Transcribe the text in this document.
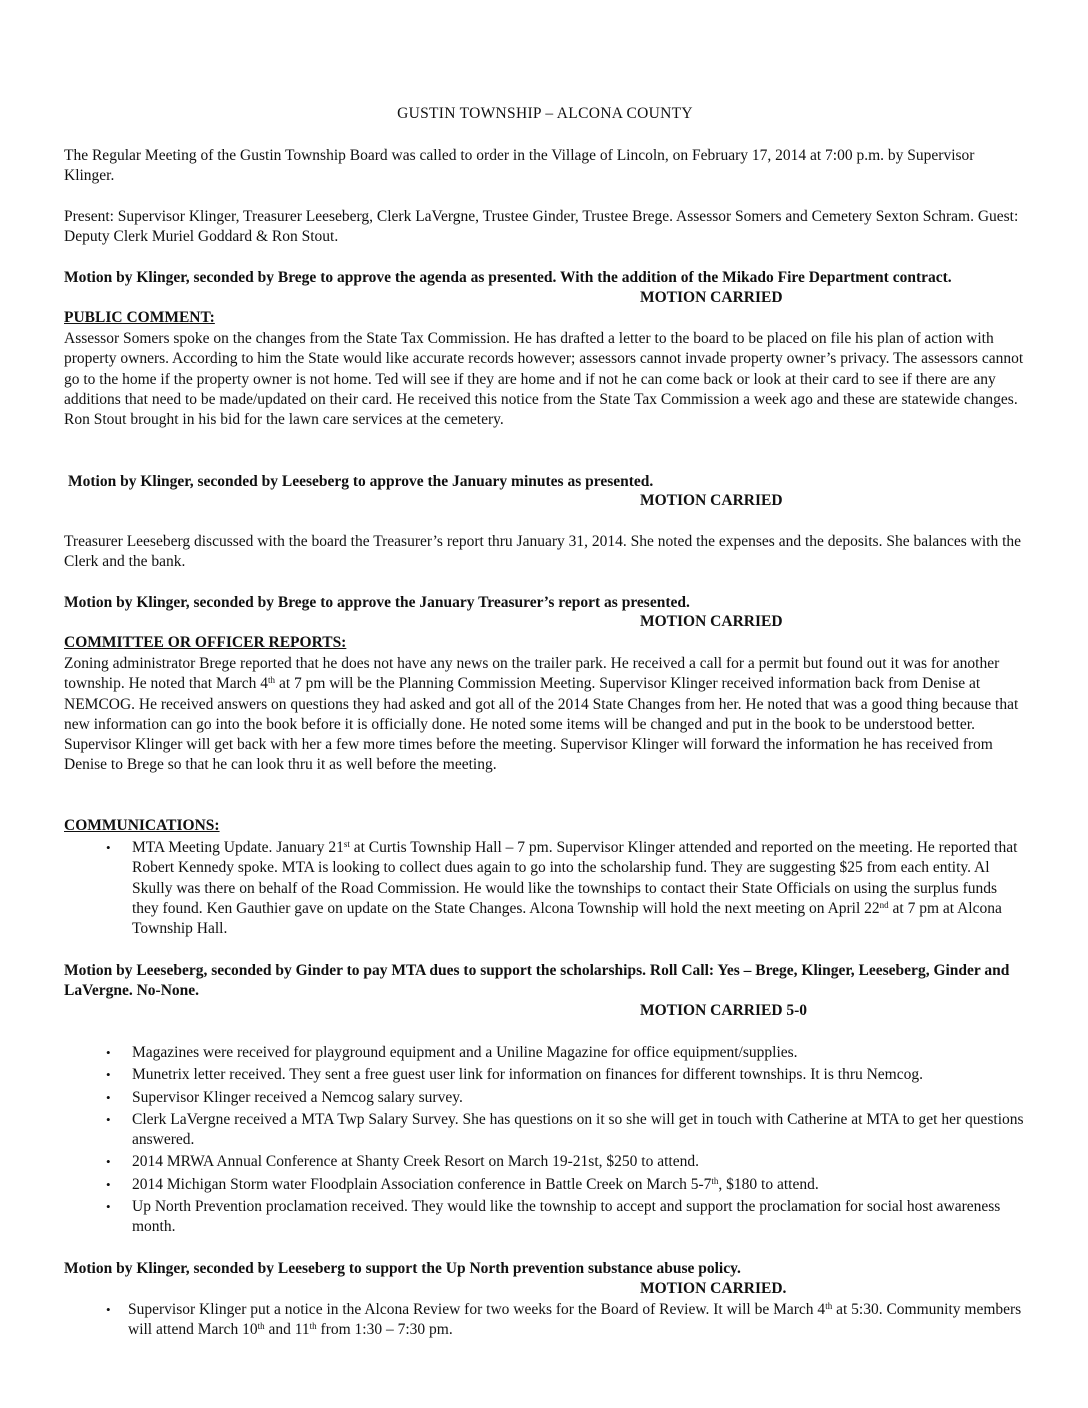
GUSTIN TOWNSHIP – ALCONA COUNTY

The Regular Meeting of the Gustin Township Board was called to order in the Village of Lincoln, on February 17, 2014 at 7:00 p.m. by Supervisor Klinger.

Present: Supervisor Klinger, Treasurer Leeseberg, Clerk LaVergne, Trustee Ginder, Trustee Brege. Assessor Somers and Cemetery Sexton Schram. Guest: Deputy Clerk Muriel Goddard & Ron Stout.

Motion by Klinger, seconded by Brege to approve the agenda as presented. With the addition of the Mikado Fire Department contract.

MOTION CARRIED

PUBLIC COMMENT:

Assessor Somers spoke on the changes from the State Tax Commission. He has drafted a letter to the board to be placed on file his plan of action with property owners. According to him the State would like accurate records however; assessors cannot invade property owner’s privacy. The assessors cannot go to the home if the property owner is not home. Ted will see if they are home and if not he can come back or look at their card to see if there are any additions that need to be made/updated on their card. He received this notice from the State Tax Commission a week ago and these are statewide changes. Ron Stout brought in his bid for the lawn care services at the cemetery.

Motion by Klinger, seconded by Leeseberg to approve the January minutes as presented.

MOTION CARRIED

Treasurer Leeseberg discussed with the board the Treasurer’s report thru January 31, 2014. She noted the expenses and the deposits. She balances with the Clerk and the bank.

Motion by Klinger, seconded by Brege to approve the January Treasurer’s report as presented.

MOTION CARRIED

COMMITTEE OR OFFICER REPORTS:

Zoning administrator Brege reported that he does not have any news on the trailer park. He received a call for a permit but found out it was for another township. He noted that March 4th at 7 pm will be the Planning Commission Meeting. Supervisor Klinger received information back from Denise at NEMCOG. He received answers on questions they had asked and got all of the 2014 State Changes from her. He noted that was a good thing because that new information can go into the book before it is officially done. He noted some items will be changed and put in the book to be understood better. Supervisor Klinger will get back with her a few more times before the meeting. Supervisor Klinger will forward the information he has received from Denise to Brege so that he can look thru it as well before the meeting.

COMMUNICATIONS:

• MTA Meeting Update. January 21st at Curtis Township Hall – 7 pm. Supervisor Klinger attended and reported on the meeting. He reported that Robert Kennedy spoke. MTA is looking to collect dues again to go into the scholarship fund. They are suggesting $25 from each entity. Al Skully was there on behalf of the Road Commission. He would like the townships to contact their State Officials on using the surplus funds they found. Ken Gauthier gave on update on the State Changes. Alcona Township will hold the next meeting on April 22nd at 7 pm at Alcona Township Hall.

Motion by Leeseberg, seconded by Ginder to pay MTA dues to support the scholarships. Roll Call: Yes – Brege, Klinger, Leeseberg, Ginder and LaVergne. No-None.

MOTION CARRIED 5-0
• Magazines were received for playground equipment and a Uniline Magazine for office equipment/supplies.
• Munetrix letter received. They sent a free guest user link for information on finances for different townships. It is thru Nemcog.
• Supervisor Klinger received a Nemcog salary survey.
• Clerk LaVergne received a MTA Twp Salary Survey. She has questions on it so she will get in touch with Catherine at MTA to get her questions answered.
• 2014 MRWA Annual Conference at Shanty Creek Resort on March 19-21st, $250 to attend.
• 2014 Michigan Storm water Floodplain Association conference in Battle Creek on March 5-7th, $180 to attend.
• Up North Prevention proclamation received. They would like the township to accept and support the proclamation for social host awareness month.

Motion by Klinger, seconded by Leeseberg to support the Up North prevention substance abuse policy.

MOTION CARRIED.
• Supervisor Klinger put a notice in the Alcona Review for two weeks for the Board of Review. It will be March 4th at 5:30. Community members will attend March 10th and 11th from 1:30 – 7:30 pm.
